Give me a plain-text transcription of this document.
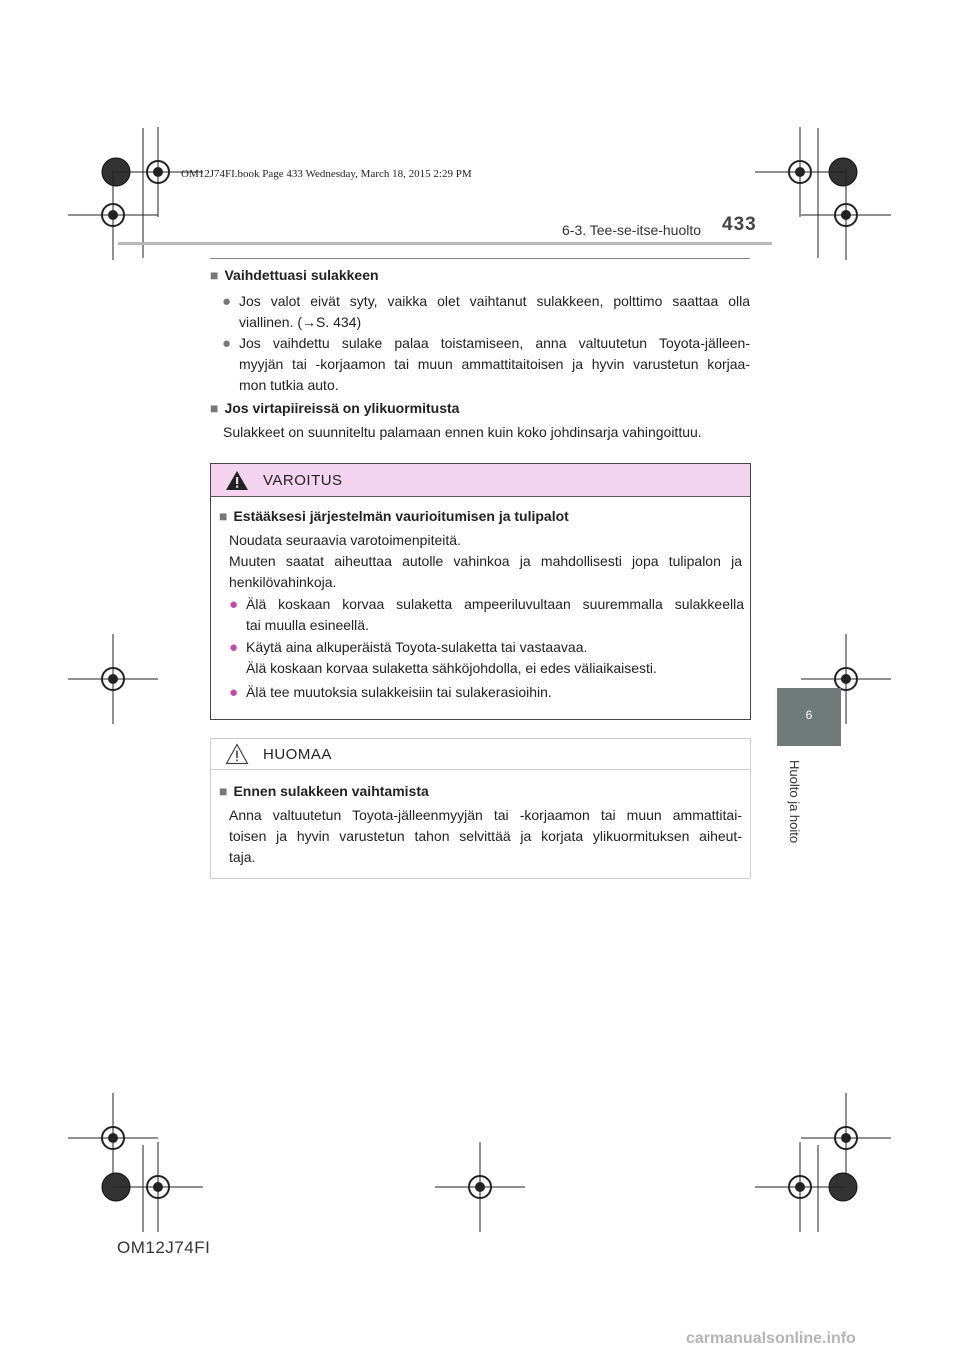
OM12J74FI.book Page 433 Wednesday, March 18, 2015 2:29 PM
6-3. Tee-se-itse-huolto 433
6
Huolto ja hoito
■ Vaihdettuasi sulakkeen
● Jos valot eivät syty, vaikka olet vaihtanut sulakkeen, polttimo saattaa olla
viallinen. (→S. 434)
● Jos vaihdettu sulake palaa toistamiseen, anna valtuutetun Toyota-jälleen-
myyjän tai -korjaamon tai muun ammattitaitoisen ja hyvin varustetun korjaa-
mon tutkia auto.
■ Jos virtapiireissä on ylikuormitusta
Sulakkeet on suunniteltu palamaan ennen kuin koko johdinsarja vahingoittuu.
VAROITUS
■ Estääksesi järjestelmän vaurioitumisen ja tulipalot
Noudata seuraavia varotoimenpiteitä.
Muuten saatat aiheuttaa autolle vahinkoa ja mahdollisesti jopa tulipalon ja
henkilövahinkoja.
● Älä koskaan korvaa sulaketta ampeeriluvultaan suuremmalla sulakkeella
tai muulla esineellä.
● Käytä aina alkuperäistä Toyota-sulaketta tai vastaavaa.
Älä koskaan korvaa sulaketta sähköjohdolla, ei edes väliaikaisesti.
● Älä tee muutoksia sulakkeisiin tai sulakerasioihin.
HUOMAA
■ Ennen sulakkeen vaihtamista
Anna valtuutetun Toyota-jälleenmyyjän tai -korjaamon tai muun ammattitai-
toisen ja hyvin varustetun tahon selvittää ja korjata ylikuormituksen aiheut-
taja.
OM12J74FI
carmanualsonline.info
